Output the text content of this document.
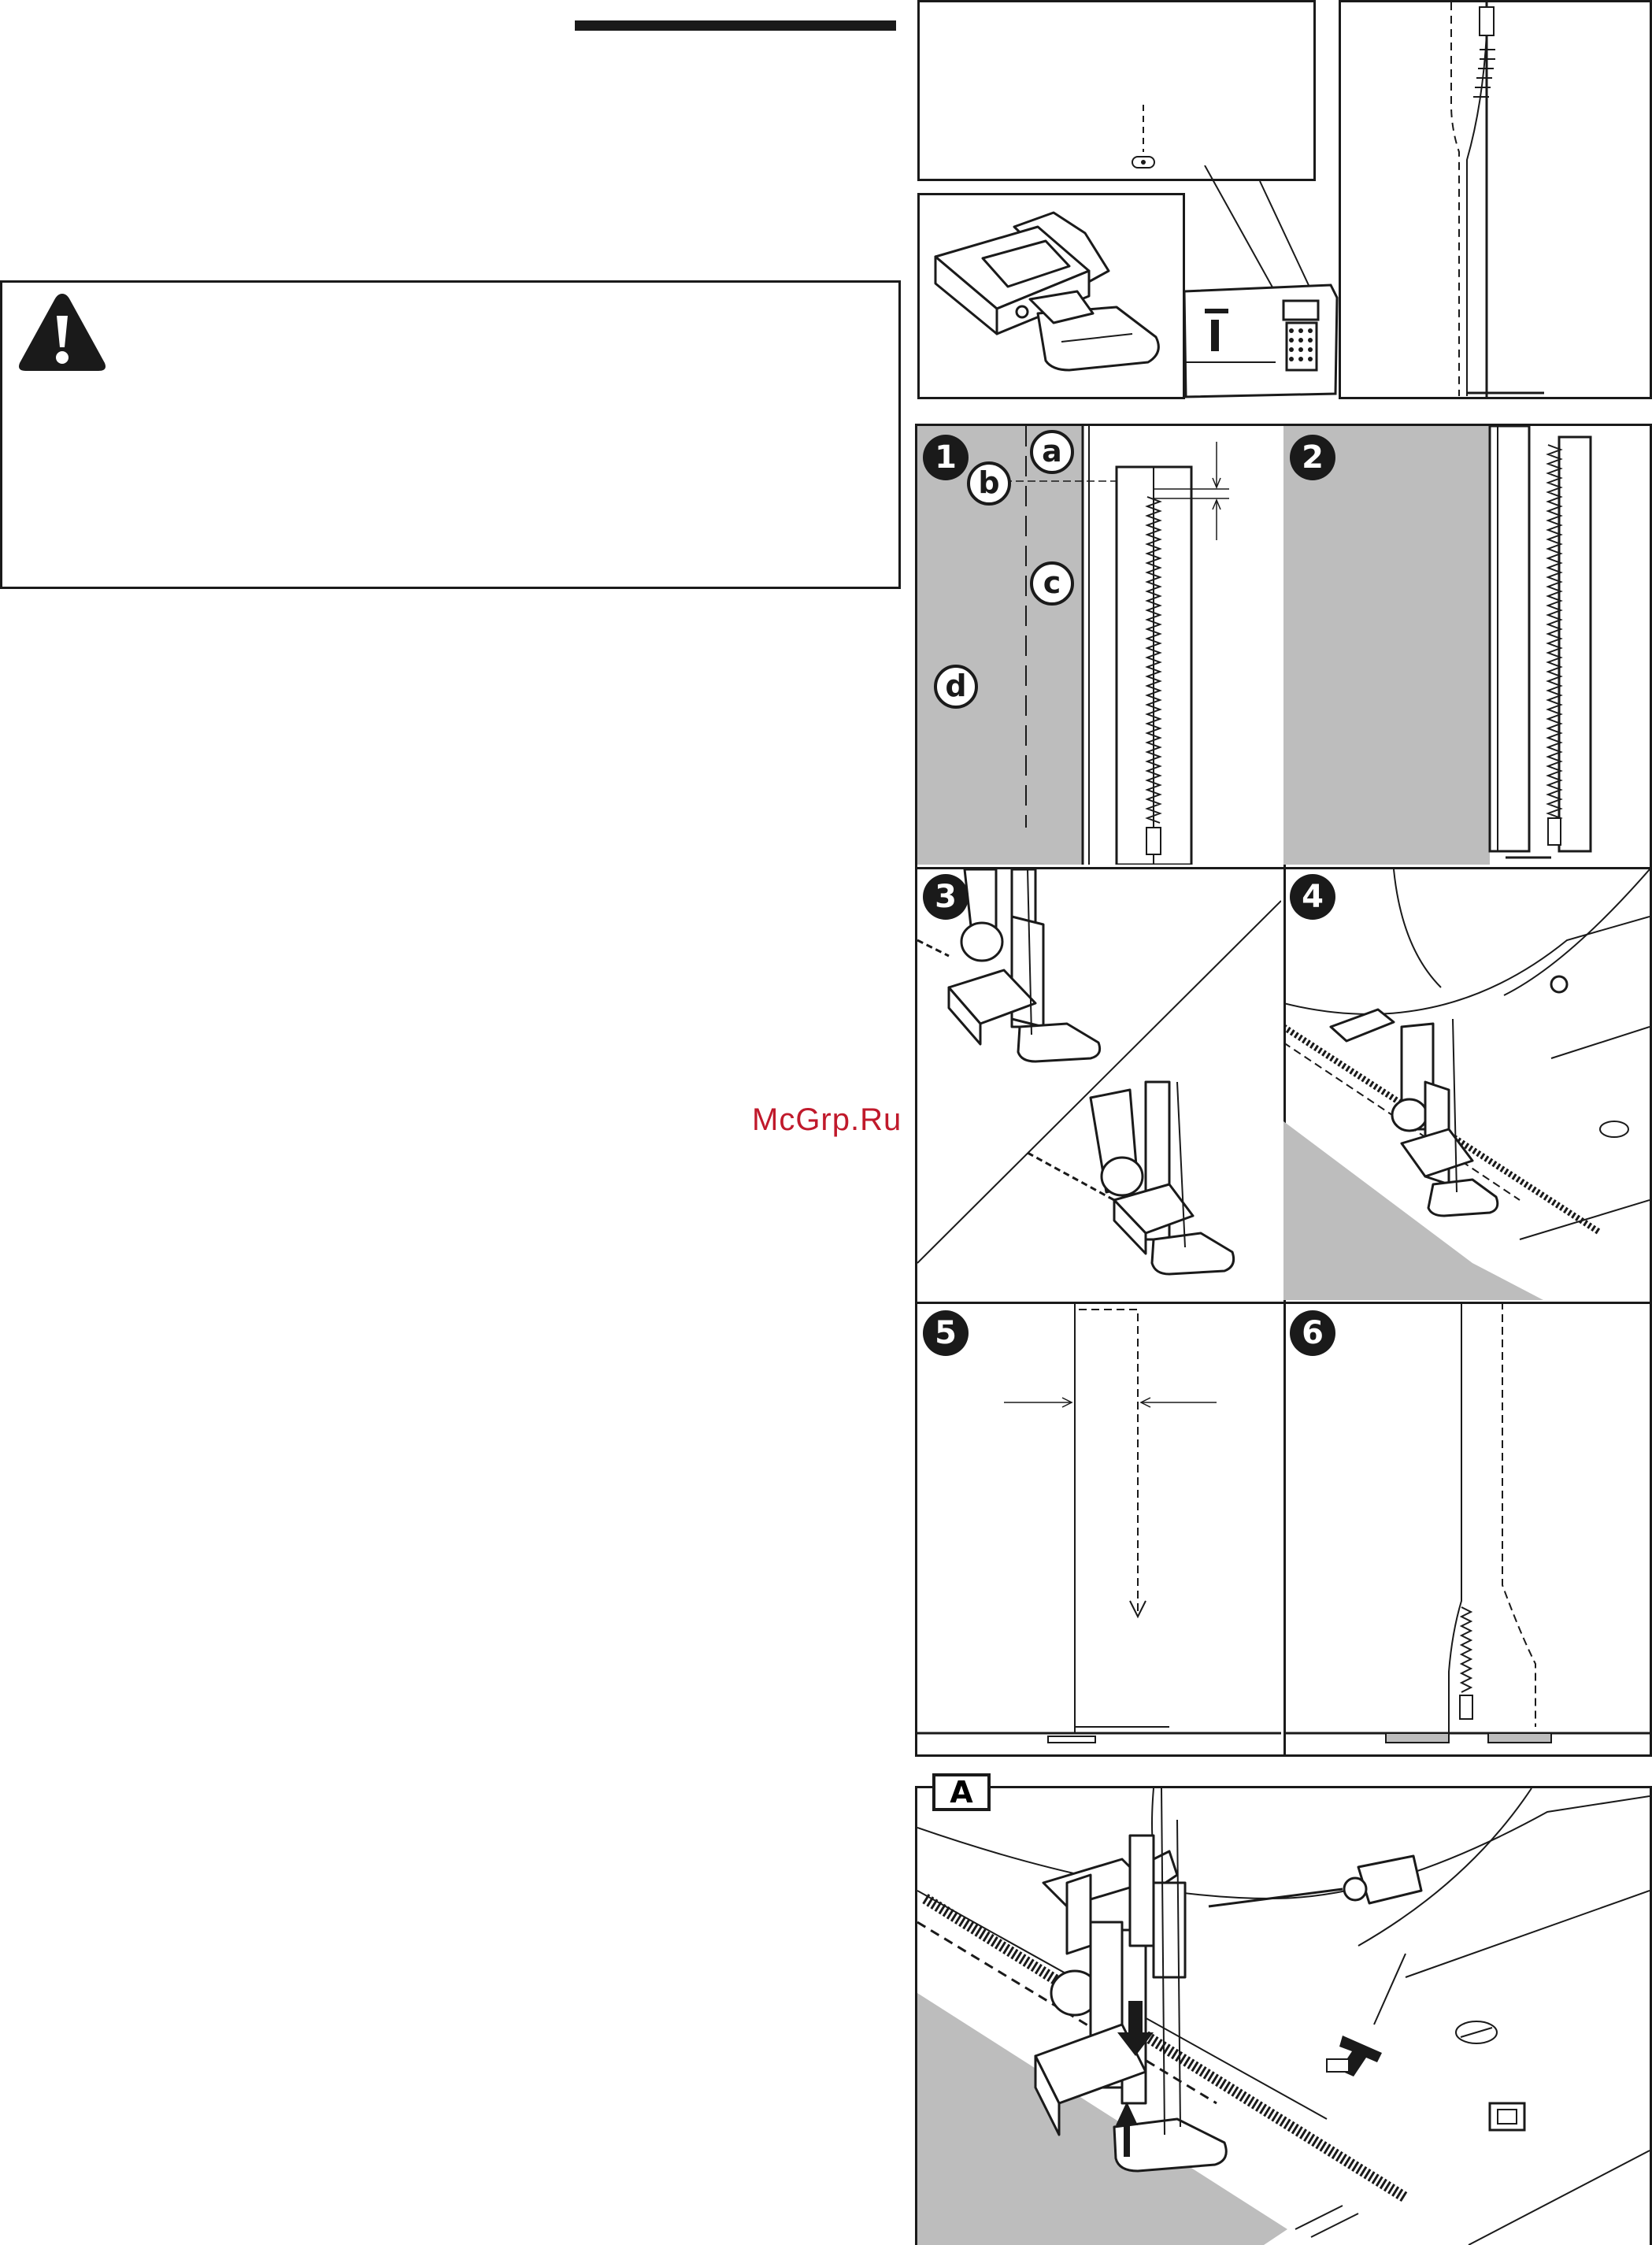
1	a
b
c
d
2
3	4
5	6
A
McGrp.Ru
